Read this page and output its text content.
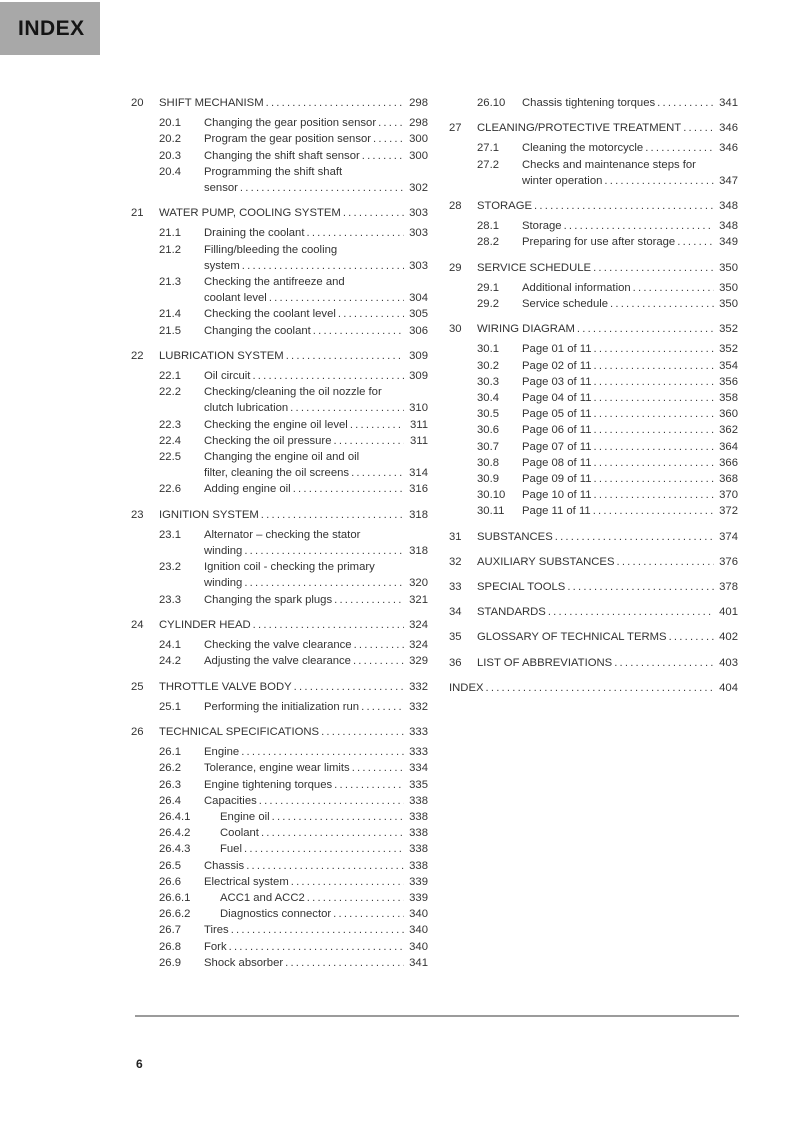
INDEX
20	SHIFT MECHANISM .....	298
20.1	Changing the gear position sensor .....	298
20.2	Program the gear position sensor .....	300
20.3	Changing the shift shaft sensor .....	300
20.4	Programming the shift shaft
sensor .....	302
21	WATER PUMP, COOLING SYSTEM .....	303
21.1	Draining the coolant .....	303
21.2	Filling/bleeding the cooling
system .....	303
21.3	Checking the antifreeze and
coolant level .....	304
21.4	Checking the coolant level .....	305
21.5	Changing the coolant .....	306
22	LUBRICATION SYSTEM .....	309
22.1	Oil circuit .....	309
22.2	Checking/cleaning the oil nozzle for
clutch lubrication .....	310
22.3	Checking the engine oil level .....	311
22.4	Checking the oil pressure .....	311
22.5	Changing the engine oil and oil
filter, cleaning the oil screens .....	314
22.6	Adding engine oil .....	316
23	IGNITION SYSTEM .....	318
23.1	Alternator – checking the stator
winding .....	318
23.2	Ignition coil - checking the primary
winding .....	320
23.3	Changing the spark plugs .....	321
24	CYLINDER HEAD .....	324
24.1	Checking the valve clearance .....	324
24.2	Adjusting the valve clearance .....	329
25	THROTTLE VALVE BODY .....	332
25.1	Performing the initialization run .....	332
26	TECHNICAL SPECIFICATIONS .....	333
26.1	Engine .....	333
26.2	Tolerance, engine wear limits .....	334
26.3	Engine tightening torques .....	335
26.4	Capacities .....	338
26.4.1	Engine oil .....	338
26.4.2	Coolant .....	338
26.4.3	Fuel .....	338
26.5	Chassis .....	338
26.6	Electrical system .....	339
26.6.1	ACC1 and ACC2 .....	339
26.6.2	Diagnostics connector .....	340
26.7	Tires .....	340
26.8	Fork .....	340
26.9	Shock absorber .....	341
26.10	Chassis tightening torques .....	341
27	CLEANING/PROTECTIVE TREATMENT .....	346
27.1	Cleaning the motorcycle .....	346
27.2	Checks and maintenance steps for
winter operation .....	347
28	STORAGE .....	348
28.1	Storage .....	348
28.2	Preparing for use after storage .....	349
29	SERVICE SCHEDULE .....	350
29.1	Additional information .....	350
29.2	Service schedule .....	350
30	WIRING DIAGRAM .....	352
30.1	Page 01 of 11 .....	352
30.2	Page 02 of 11 .....	354
30.3	Page 03 of 11 .....	356
30.4	Page 04 of 11 .....	358
30.5	Page 05 of 11 .....	360
30.6	Page 06 of 11 .....	362
30.7	Page 07 of 11 .....	364
30.8	Page 08 of 11 .....	366
30.9	Page 09 of 11 .....	368
30.10	Page 10 of 11 .....	370
30.11	Page 11 of 11 .....	372
31	SUBSTANCES .....	374
32	AUXILIARY SUBSTANCES .....	376
33	SPECIAL TOOLS .....	378
34	STANDARDS .....	401
35	GLOSSARY OF TECHNICAL TERMS .....	402
36	LIST OF ABBREVIATIONS .....	403
INDEX .....	404
6
